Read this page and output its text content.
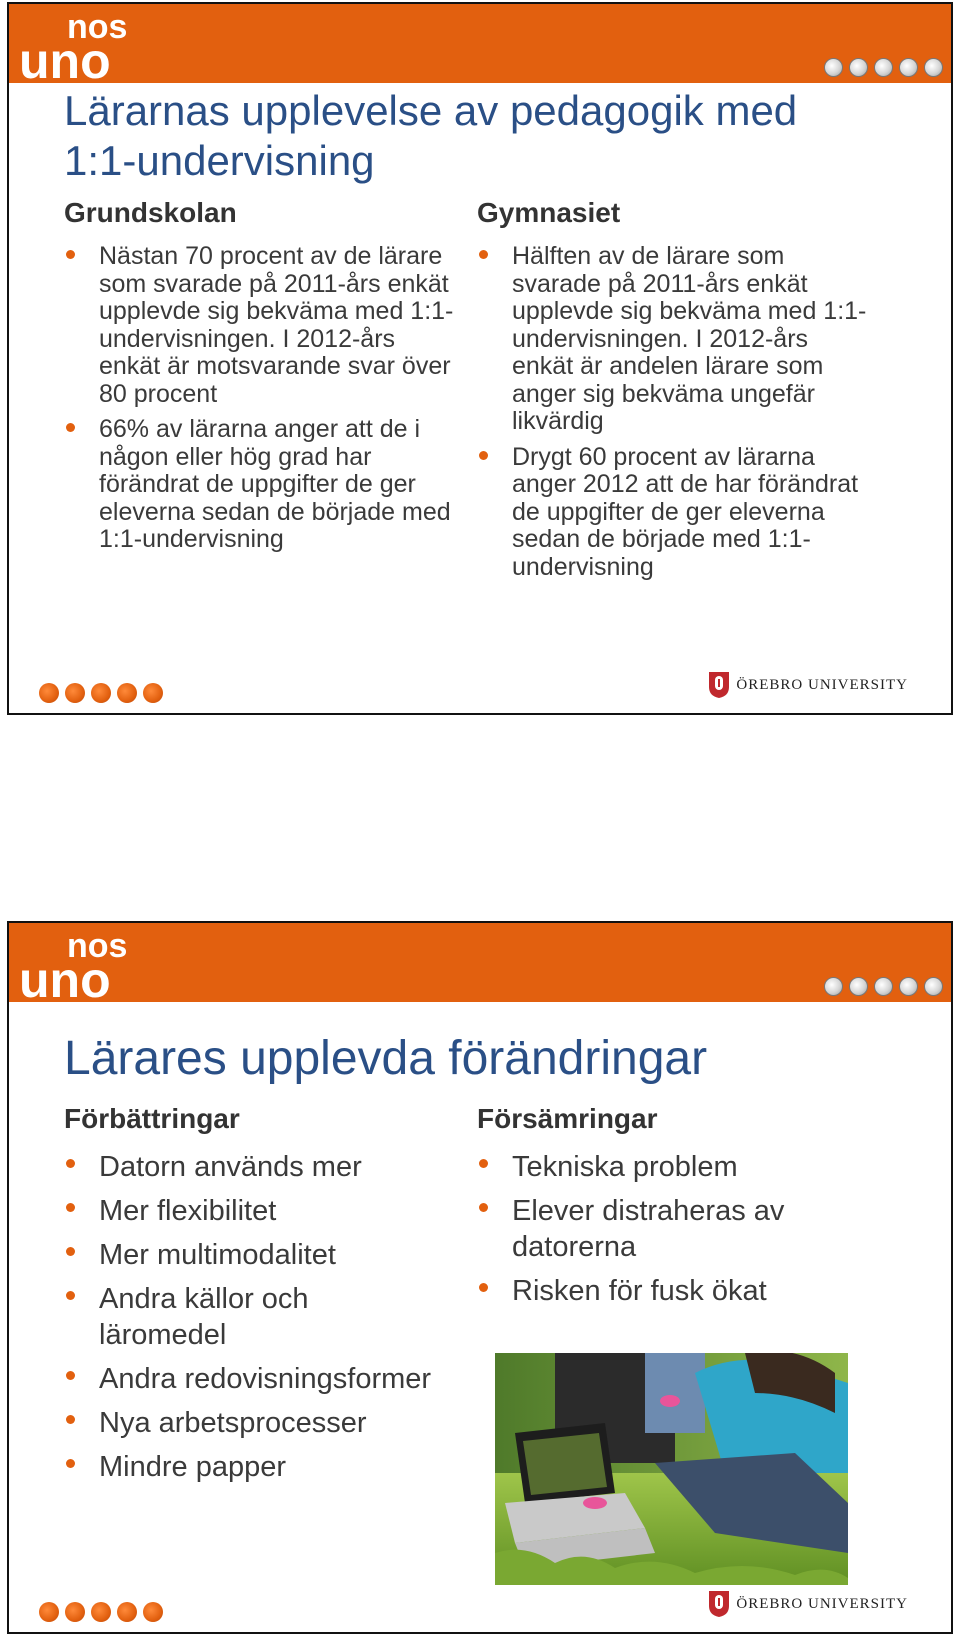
nos
uno
Lärarnas upplevelse av pedagogik med 1:1-undervisning
Grundskolan
Nästan 70 procent av de lärare som svarade på 2011-års enkät upplevde sig bekväma med 1:1-undervisningen. I 2012-års enkät är motsvarande svar över 80 procent
66% av lärarna anger att de i någon eller hög grad har förändrat de uppgifter de ger eleverna sedan de började med 1:1-undervisning
Gymnasiet
Hälften av de lärare som svarade på 2011-års enkät upplevde sig bekväma med 1:1-undervisningen. I 2012-års enkät är andelen lärare som anger sig bekväma ungefär likvärdig
Drygt 60 procent av lärarna anger 2012 att de har förändrat de uppgifter de ger eleverna sedan de började med 1:1-undervisning
ÖREBRO UNIVERSITY
nos
uno
Lärares upplevda förändringar
Förbättringar
Datorn används mer
Mer flexibilitet
Mer multimodalitet
Andra källor och läromedel
Andra redovisningsformer
Nya arbetsprocesser
Mindre papper
Försämringar
Tekniska problem
Elever distraheras av datorerna
Risken för fusk ökat
ÖREBRO UNIVERSITY
